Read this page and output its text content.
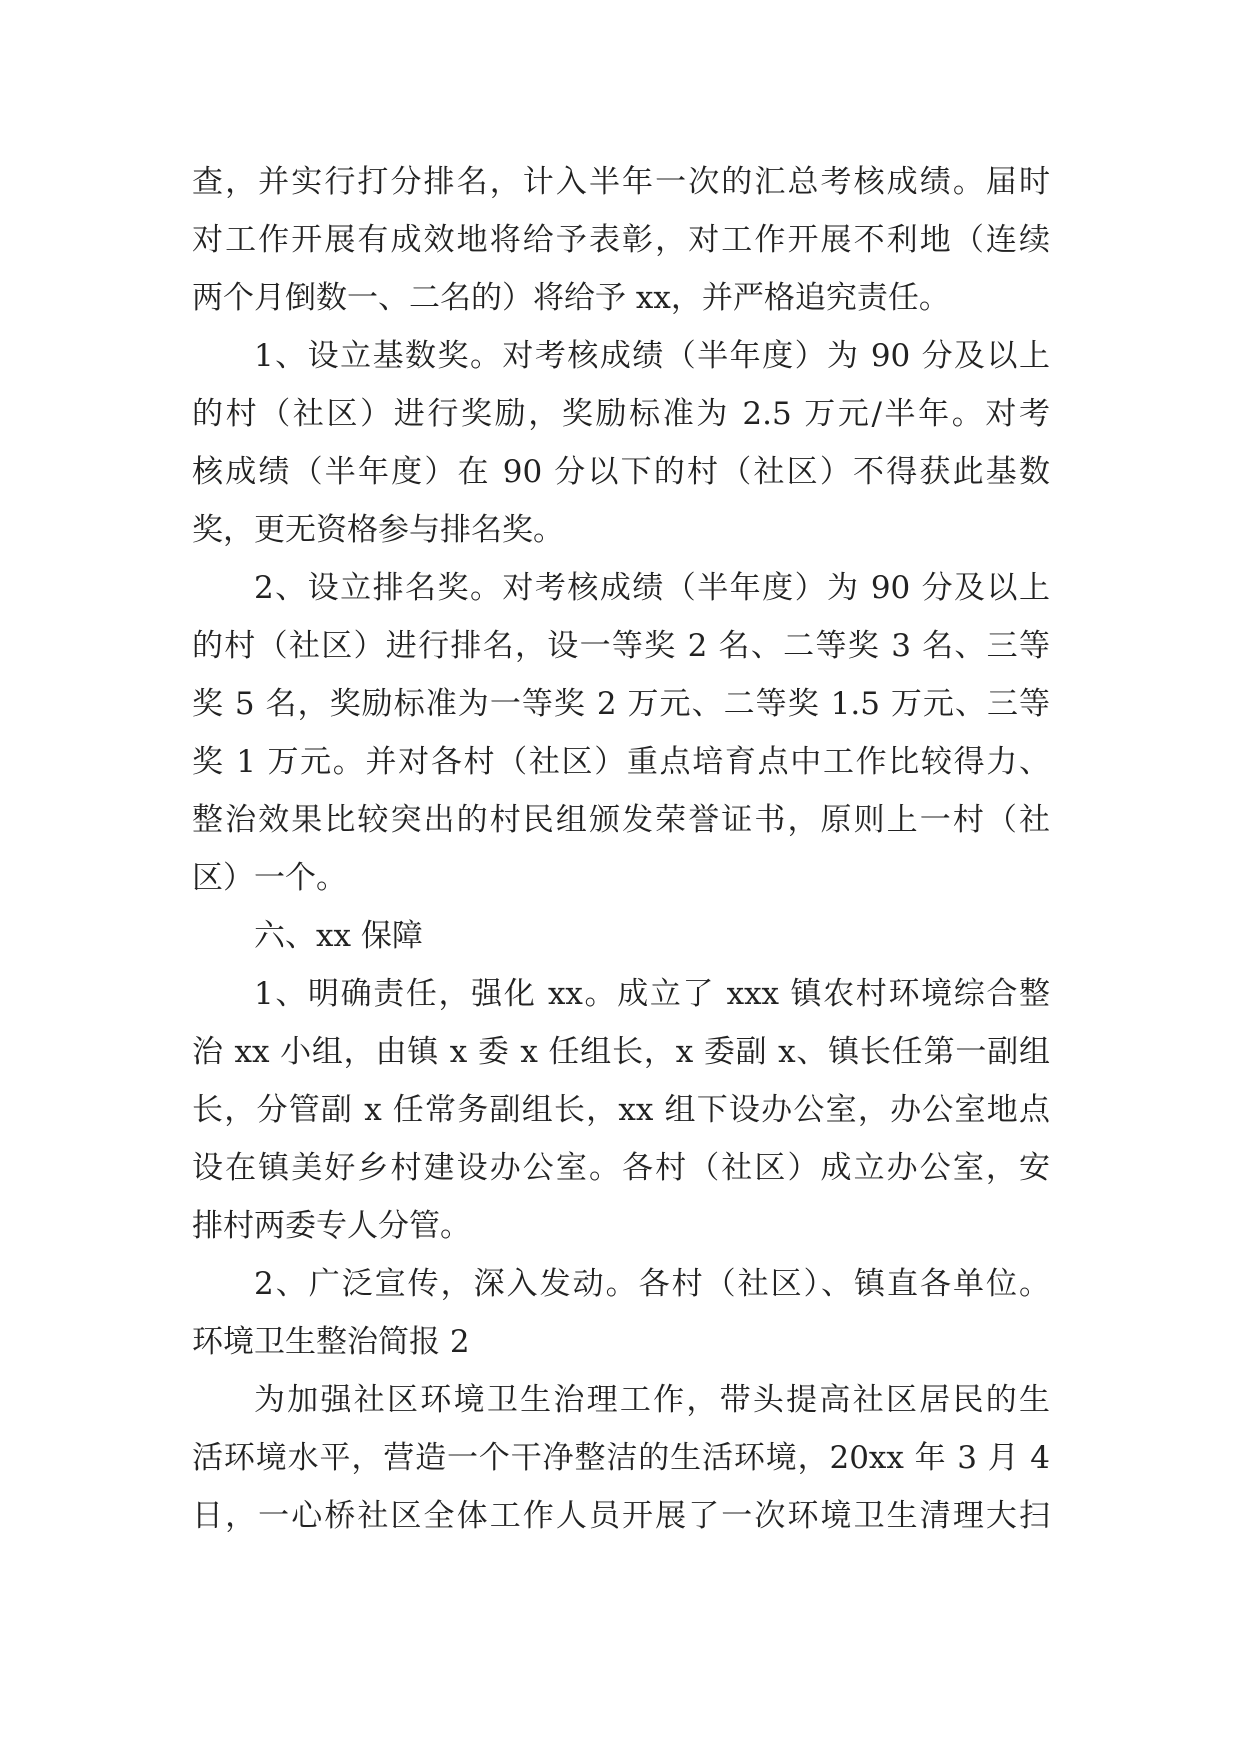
查，并实行打分排名，计入半年一次的汇总考核成绩。届时
对工作开展有成效地将给予表彰，对工作开展不利地（连续
两个月倒数一、二名的）将给予 xx，并严格追究责任。
1、设立基数奖。对考核成绩（半年度）为 90 分及以上
的村（社区）进行奖励，奖励标准为 2.5 万元/半年。对考
核成绩（半年度）在 90 分以下的村（社区）不得获此基数
奖，更无资格参与排名奖。
2、设立排名奖。对考核成绩（半年度）为 90 分及以上
的村（社区）进行排名，设一等奖 2 名、二等奖 3 名、三等
奖 5 名，奖励标准为一等奖 2 万元、二等奖 1.5 万元、三等
奖 1 万元。并对各村（社区）重点培育点中工作比较得力、
整治效果比较突出的村民组颁发荣誉证书，原则上一村（社
区）一个。
六、xx 保障
1、明确责任，强化 xx。成立了 xxx 镇农村环境综合整
治 xx 小组，由镇 x 委 x 任组长，x 委副 x、镇长任第一副组
长，分管副 x 任常务副组长，xx 组下设办公室，办公室地点
设在镇美好乡村建设办公室。各村（社区）成立办公室，安
排村两委专人分管。
2、广泛宣传，深入发动。各村（社区）、镇直各单位。
环境卫生整治简报 2
为加强社区环境卫生治理工作，带头提高社区居民的生
活环境水平，营造一个干净整洁的生活环境，20xx 年 3 月 4
日，一心桥社区全体工作人员开展了一次环境卫生清理大扫
